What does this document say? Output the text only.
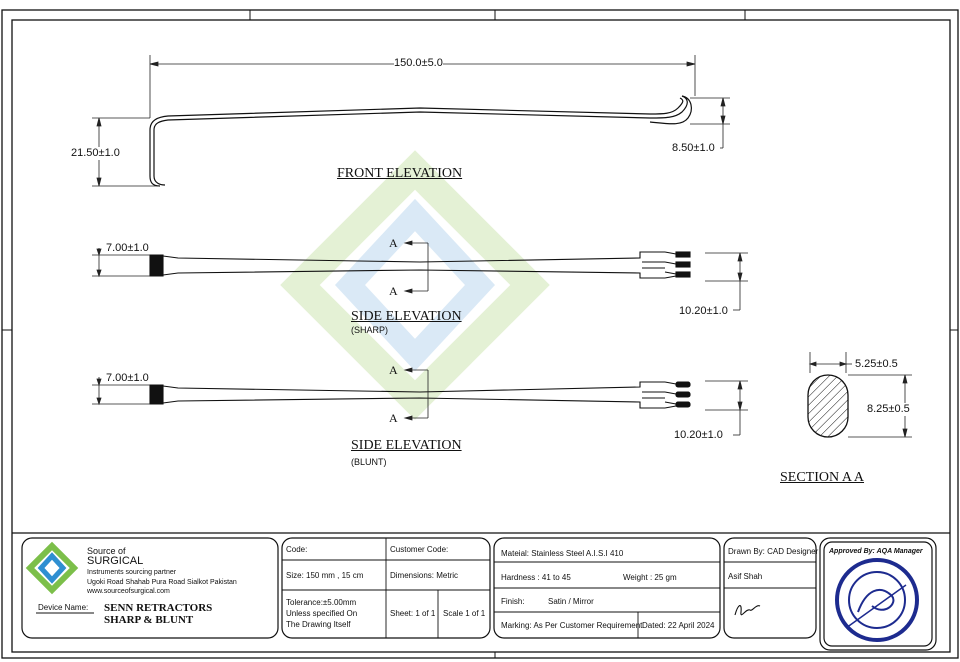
150.0±5.0
21.50±1.0	8.50±1.0
FRONT ELEVATION
7.00±1.0	A
A
10.20±1.0
SIDE ELEVATION
(SHARP)
7.00±1.0
A
A
10.20±1.0
SIDE ELEVATION
(BLUNT)
5.25±0.5
8.25±0.5
SECTION A A
Source of
SURGICAL
Instruments sourcing partner
Ugoki Road Shahab Pura Road Sialkot Pakistan
www.sourceofsurgical.com
Device Name: SENN RETRACTORS
SHARP & BLUNT
Code:	Customer Code:
Size: 150 mm , 15 cm	Dimensions: Metric
Tolerance:±5.00mm
Unless specified On
The Drawing Itself
Sheet: 1 of 1 Scale 1 of 1
Mateial: Stainless Steel A.I.S.I 410
Hardness : 41 to 45	Weight : 25 gm
Finish:	Satin / Mirror
Marking: As Per Customer Requirement Dated: 22 April 2024
Drawn By: CAD Designer
Asif Shah
Approved By: AQA Manager
